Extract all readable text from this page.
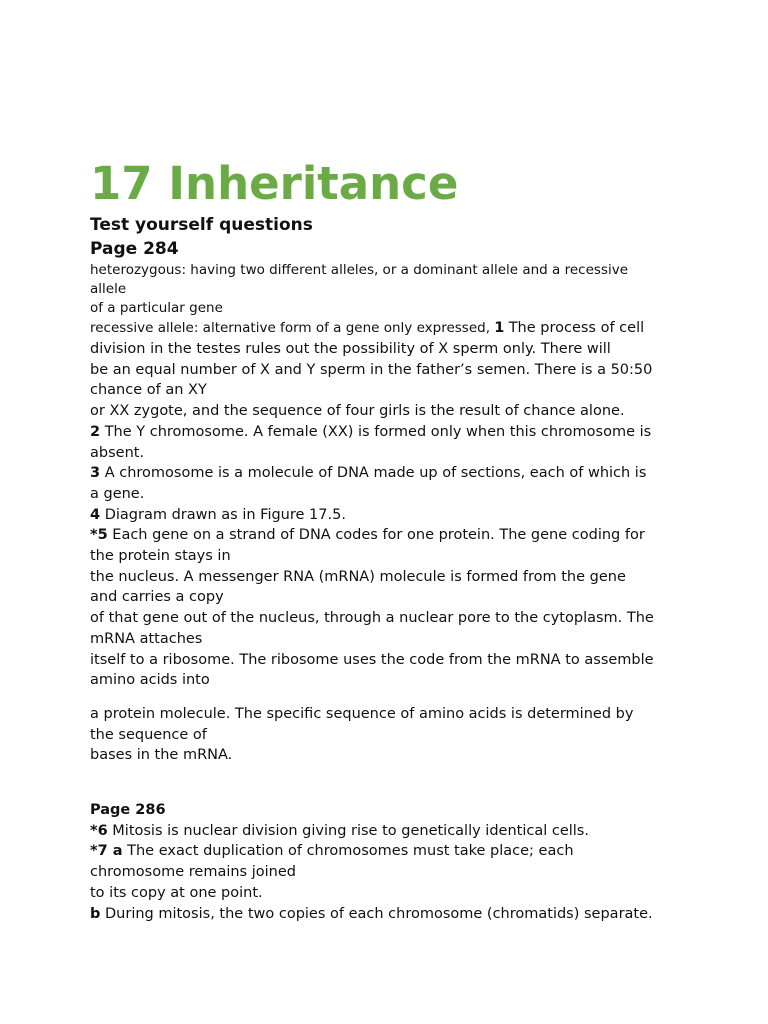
17 Inheritance
Test yourself questions
Page 284
heterozygous: having two different alleles, or a dominant allele and a recessive
allele
of a particular gene
recessive allele: alternative form of a gene only expressed, 1 The process of cell
division in the testes rules out the possibility of X sperm only. There will
be an equal number of X and Y sperm in the father’s semen. There is a 50:50
chance of an XY
or XX zygote, and the sequence of four girls is the result of chance alone.
2 The Y chromosome. A female (XX) is formed only when this chromosome is
absent.
3 A chromosome is a molecule of DNA made up of sections, each of which is
a gene.
4 Diagram drawn as in Figure 17.5.
*5 Each gene on a strand of DNA codes for one protein. The gene coding for
the protein stays in
the nucleus. A messenger RNA (mRNA) molecule is formed from the gene
and carries a copy
of that gene out of the nucleus, through a nuclear pore to the cytoplasm. The
mRNA attaches
itself to a ribosome. The ribosome uses the code from the mRNA to assemble
amino acids into
a protein molecule. The specific sequence of amino acids is determined by
the sequence of
bases in the mRNA.
Page 286
*6 Mitosis is nuclear division giving rise to genetically identical cells.
*7 a The exact duplication of chromosomes must take place; each
chromosome remains joined
to its copy at one point.
b During mitosis, the two copies of each chromosome (chromatids) separate.
